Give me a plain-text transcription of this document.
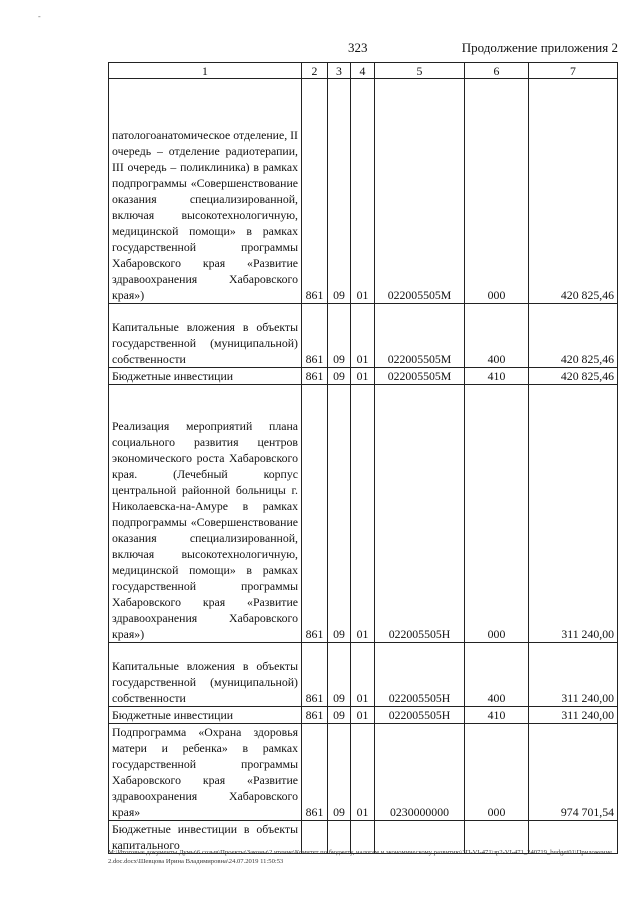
-
323	Продолжение приложения 2
1	2	3	4	5	6	7
патологоанатомическое отделение, II очередь – отделение радиотерапии, III очередь – поликлиника) в рамках подпрограммы «Совершенствование оказания специализированной, включая высокотехнологичную, медицинской помощи» в рамках государственной программы Хабаровского края «Развитие здравоохранения Хабаровского края»)	861	09	01	022005505М	000	420 825,46
Капитальные вложения в объекты государственной (муниципальной) собственности	861	09	01	022005505М	400	420 825,46
Бюджетные инвестиции	861	09	01	022005505М	410	420 825,46
Реализация мероприятий плана социального развития центров экономического роста Хабаровского края. (Лечебный корпус центральной районной больницы г. Николаевска-на-Амуре в рамках подпрограммы «Совершенствование оказания специализированной, включая высокотехнологичную, медицинской помощи» в рамках государственной программы Хабаровского края «Развитие здравоохранения Хабаровского края»)	861	09	01	022005505Н	000	311 240,00
Капитальные вложения в объекты государственной (муниципальной) собственности	861	09	01	022005505Н	400	311 240,00
Бюджетные инвестиции	861	09	01	022005505Н	410	311 240,00
Подпрограмма «Охрана здоровья матери и ребенка» в рамках государственной программы Хабаровского края «Развитие здравоохранения Хабаровского края»	861	09	01	0230000000	000	974 701,54
Бюджетные инвестиции в объекты капитального						
M:\Итоговые документы Думы\6 созыв\Проекты\Законы\2 чтение\Комитет по бюджету, налогам и экономическому развитию\ЗП-VI-471\зр2-VI-471_240719_budget01\Приложение 2.doc.docx\Шевцова Ирина Владимировна\24.07.2019 11:50:53
